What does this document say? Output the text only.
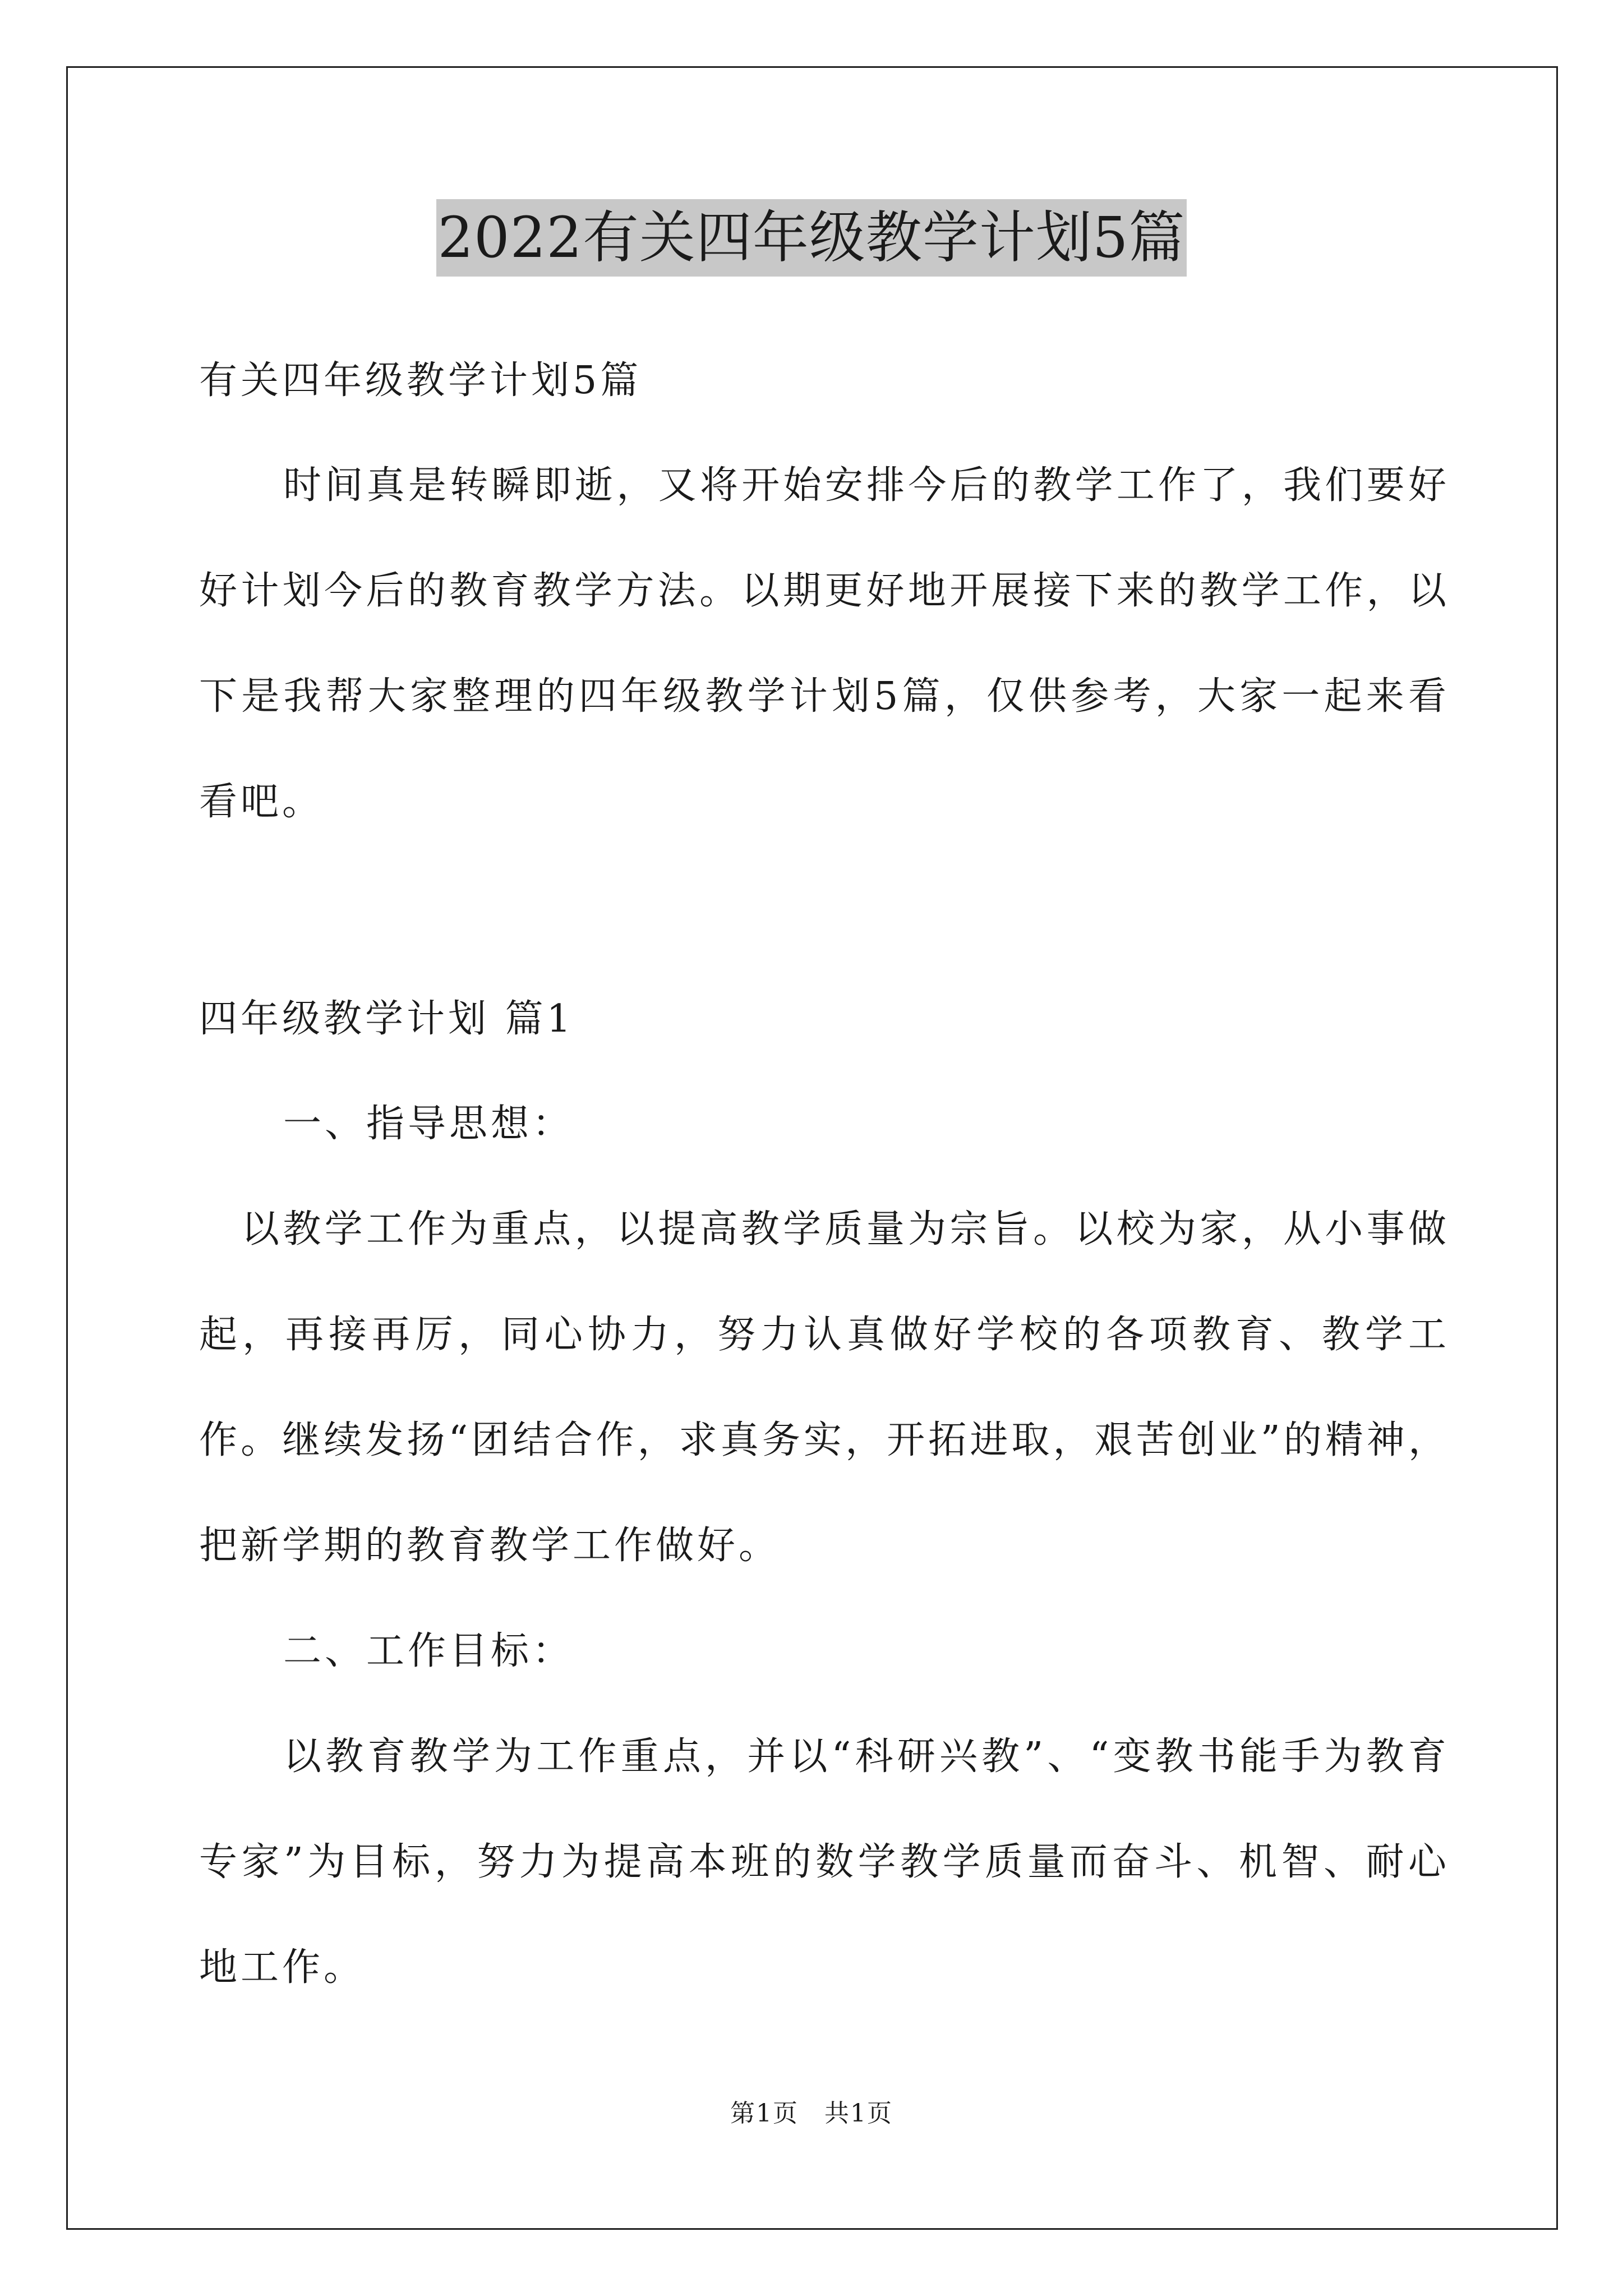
2022有关四年级教学计划5篇

有关四年级教学计划5篇

时间真是转瞬即逝，又将开始安排今后的教学工作了，我们要好好计划今后的教育教学方法。以期更好地开展接下来的教学工作，以下是我帮大家整理的四年级教学计划5篇，仅供参考，大家一起来看看吧。

四年级教学计划 篇1

一、指导思想：

以教学工作为重点，以提高教学质量为宗旨。以校为家，从小事做起，再接再厉，同心协力，努力认真做好学校的各项教育、教学工作。继续发扬“团结合作，求真务实，开拓进取，艰苦创业”的精神，把新学期的教育教学工作做好。

二、工作目标：

以教育教学为工作重点，并以“科研兴教”、“变教书能手为教育专家”为目标，努力为提高本班的数学教学质量而奋斗、机智、耐心地工作。

第1页　共1页
